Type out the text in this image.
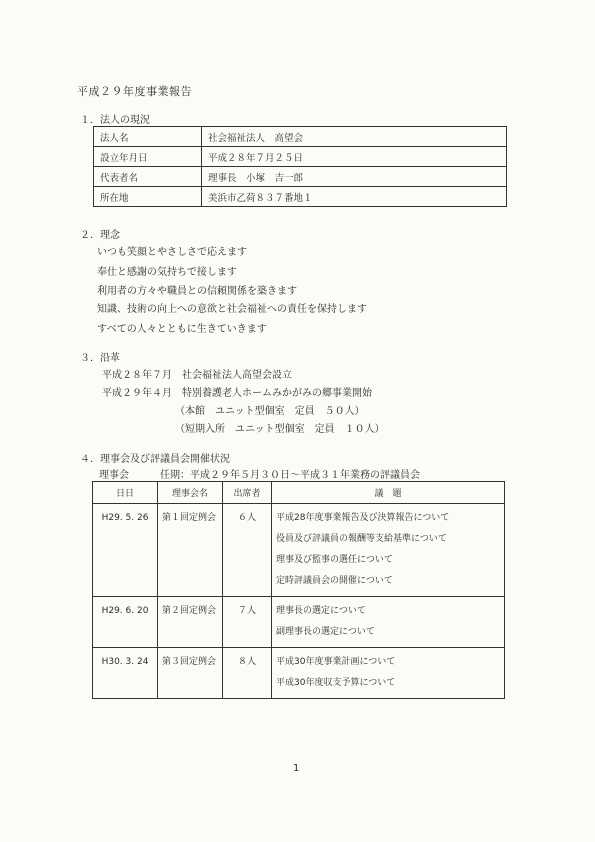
平成２９年度事業報告
１．法人の現況
法人名	社会福祉法人　高望会
設立年月日	平成２８年７月２５日
代表者名	理事長　小塚　吉一郎
所在地	美浜市乙荷８３７番地１
２．理念
いつも笑顔とやさしさで応えます
奉仕と感謝の気持ちで接します
利用者の方々や職員との信頼関係を築きます
知識、技術の向上への意欲と社会福祉への責任を保持します
すべての人々とともに生きていきます
３．沿革
平成２８年７月　社会福祉法人高望会設立
平成２９年４月　特別養護老人ホームみかがみの郷事業開始
（本館　ユニット型個室　定員　５０人）
（短期入所　ユニット型個室　定員　１０人）
４．理事会及び評議員会開催状況
理事会	任期：平成２９年５月３０日～平成３１年業務の評議員会
日日	理事会名	出席者	議　題
H29. 5. 26	第１回定例会	６人	平成28年度事業報告及び決算報告について
役員及び評議員の報酬等支給基準について
理事及び監事の選任について
定時評議員会の開催について

H29. 6. 20	第２回定例会	７人	理事長の選定について
副理事長の選定について

H30. 3. 24	第３回定例会	８人	平成30年度事業計画について
平成30年度収支予算について
1
